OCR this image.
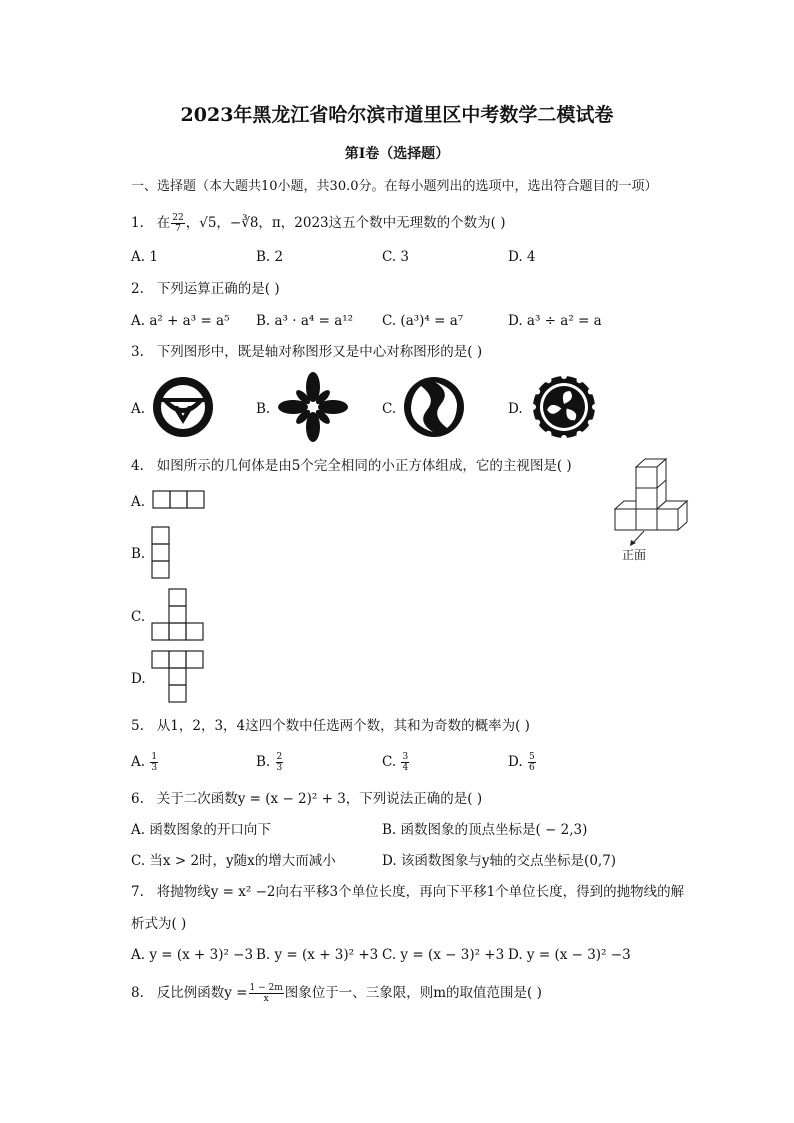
2023年黑龙江省哈尔滨市道里区中考数学二模试卷
第I卷（选择题）
一、选择题（本大题共10小题，共30.0分。在每小题列出的选项中，选出符合题目的一项）
1. 在 $\frac{22}{7}$ ，√5，−∛8，π，2023这五个数中无理数的个数为( )
A. 1	B. 2	C. 3	D. 4
2. 下列运算正确的是( )
A. a² + a³ = a⁵ B. a³ · a⁴ = a¹² C. (a³)⁴ = a⁷	D. a³ ÷ a² = a
3. 下列图形中，既是轴对称图形又是中心对称图形的是( )
A.	B.	C.	D.
4. 如图所示的几何体是由5个完全相同的小正方体组成，它的主视图是( )
正面
A.
B.
C.
D.
5. 从1，2，3，4这四个数中任选两个数，其和为奇数的概率为( )
A. $\frac{1}{3}$	B. $\frac{2}{3}$	C. $\frac{3}{4}$	D. $\frac{5}{6}$
6. 关于二次函数y = (x − 2)² + 3，下列说法正确的是( )
A. 函数图象的开口向下	B. 函数图象的顶点坐标是( − 2,3)
C. 当x > 2时，y随x的增大而减小	D. 该函数图象与y轴的交点坐标是(0,7)
7. 将抛物线y = x² −2向右平移3个单位长度，再向下平移1个单位长度，得到的抛物线的解
析式为( )
A. y = (x + 3)² −3 B. y = (x + 3)² +3 C. y = (x − 3)² +3 D. y = (x − 3)² −3
8. 反比例函数$y = \frac{1 - 2m}{x}$ 图象位于一、三象限，则m的取值范围是( )
